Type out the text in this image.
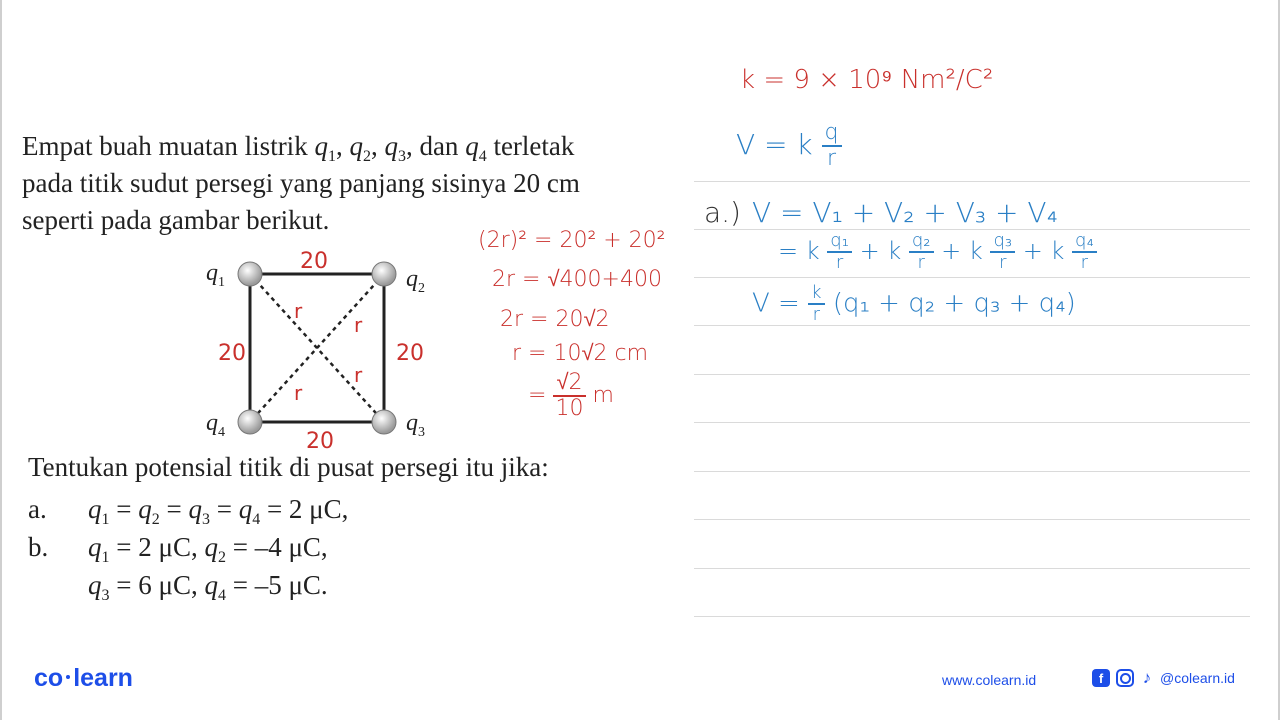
Empat buah muatan listrik $q_1$, $q_2$, $q_3$, dan $q_4$ terletak

pada titik sudut persegi yang panjang sisinya 20 cm

seperti pada gambar berikut.

$q_1$	$q_2$
$q_3$
$q_4$
20
20	20
20
r
r
r
r
Tentukan potensial titik di pusat persegi itu jika:
a. $q_1 = q_2 = q_3 = q_4 = 2$ μC,
b. $q_1 = 2$ μC, $q_2 = -4$ μC,
$q_3 = 6$ μC, $q_4 = -5$ μC.
k = 9 × 10⁹ Nm²/C²
(2r)² = 20² + 20²
2r = √400+400
2r = 20√2
r = 10√2 cm
= $\frac{√2}{10}$ m
V = k $\frac{q}{r}$
a.) V = V₁ + V₂ + V₃ + V₄
= k $\frac{\text{q₁}}{r} + k \frac{\text{q₂}}{r} + k \frac{\text{q₃}}{r} + k \frac{\text{q₄}}{r}$
$V = \frac{k}{r} (q_1 + q_2 + q_3 + q_4)$
co learn	www.colearn.id	f	♪ @colearn.id
